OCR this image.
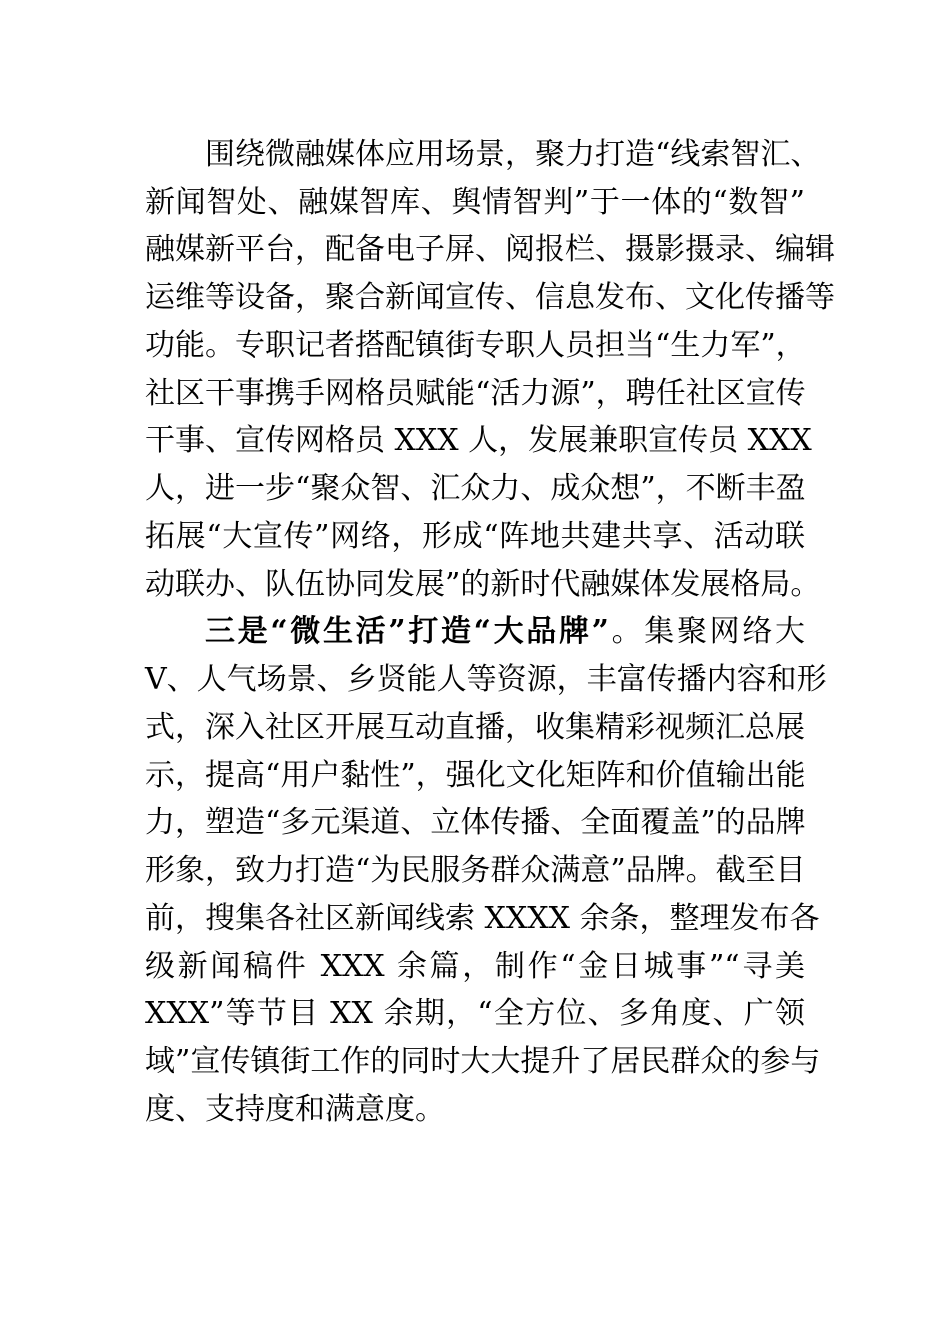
围绕微融媒体应用场景，聚力打造“线索智汇、
新闻智处、融媒智库、舆情智判”于一体的“数智”
融媒新平台，配备电子屏、阅报栏、摄影摄录、编辑
运维等设备，聚合新闻宣传、信息发布、文化传播等
功能。专职记者搭配镇街专职人员担当“生力军”，
社区干事携手网格员赋能“活力源”，聘任社区宣传
干事、宣传网格员 XXX 人，发展兼职宣传员 XXX
人，进一步“聚众智、汇众力、成众想”，不断丰盈
拓展“大宣传”网络，形成“阵地共建共享、活动联
动联办、队伍协同发展”的新时代融媒体发展格局。
三是“微生活”打造“大品牌”。集聚网络大
V、人气场景、乡贤能人等资源，丰富传播内容和形
式，深入社区开展互动直播，收集精彩视频汇总展
示，提高“用户黏性”，强化文化矩阵和价值输出能
力，塑造“多元渠道、立体传播、全面覆盖”的品牌
形象，致力打造“为民服务群众满意”品牌。截至目
前，搜集各社区新闻线索 XXXX 余条，整理发布各
级新闻稿件 XXX 余篇，制作“金日城事”“寻美
XXX”等节目 XX 余期，“全方位、多角度、广领
域”宣传镇街工作的同时大大提升了居民群众的参与
度、支持度和满意度。
